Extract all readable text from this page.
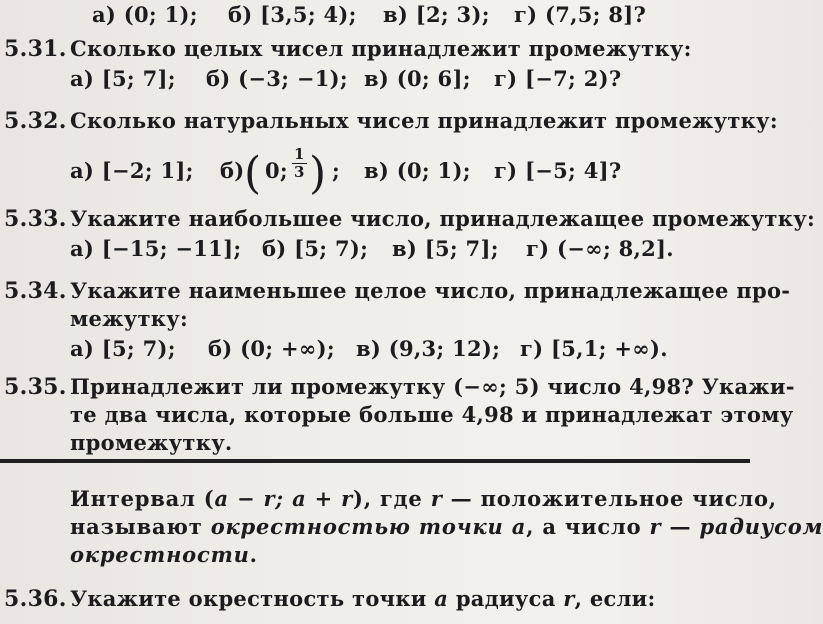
а) (0; 1); б) [3,5; 4); в) [2; 3); г) (7,5; 8]?
5.31. Сколько целых чисел принадлежит промежутку:
а) [5; 7]; б) (−3; −1); в) (0; 6]; г) [−7; 2)?
5.32. Сколько натуральных чисел принадлежит промежутку:
а) [−2; 1]; б) ( 0; $\frac{1}{3}$ ) ; в) (0; 1); г) [−5; 4]?
5.33. Укажите наибольшее число, принадлежащее промежутку:
а) [−15; −11]; б) [5; 7); в) [5; 7]; г) (−∞; 8,2].
5.34. Укажите наименьшее целое число, принадлежащее про-
межутку:
а) [5; 7); б) (0; +∞); в) (9,3; 12); г) [5,1; +∞).
5.35. Принадлежит ли промежутку (−∞; 5) число 4,98? Укажи-
те два числа, которые больше 4,98 и принадлежат этому
промежутку.
Интервал (a − r; a + r), где r — положительное число,
называют окрестностью точки a, а число r — радиусом
окрестности.
5.36. Укажите окрестность точки a радиуса r, если:
